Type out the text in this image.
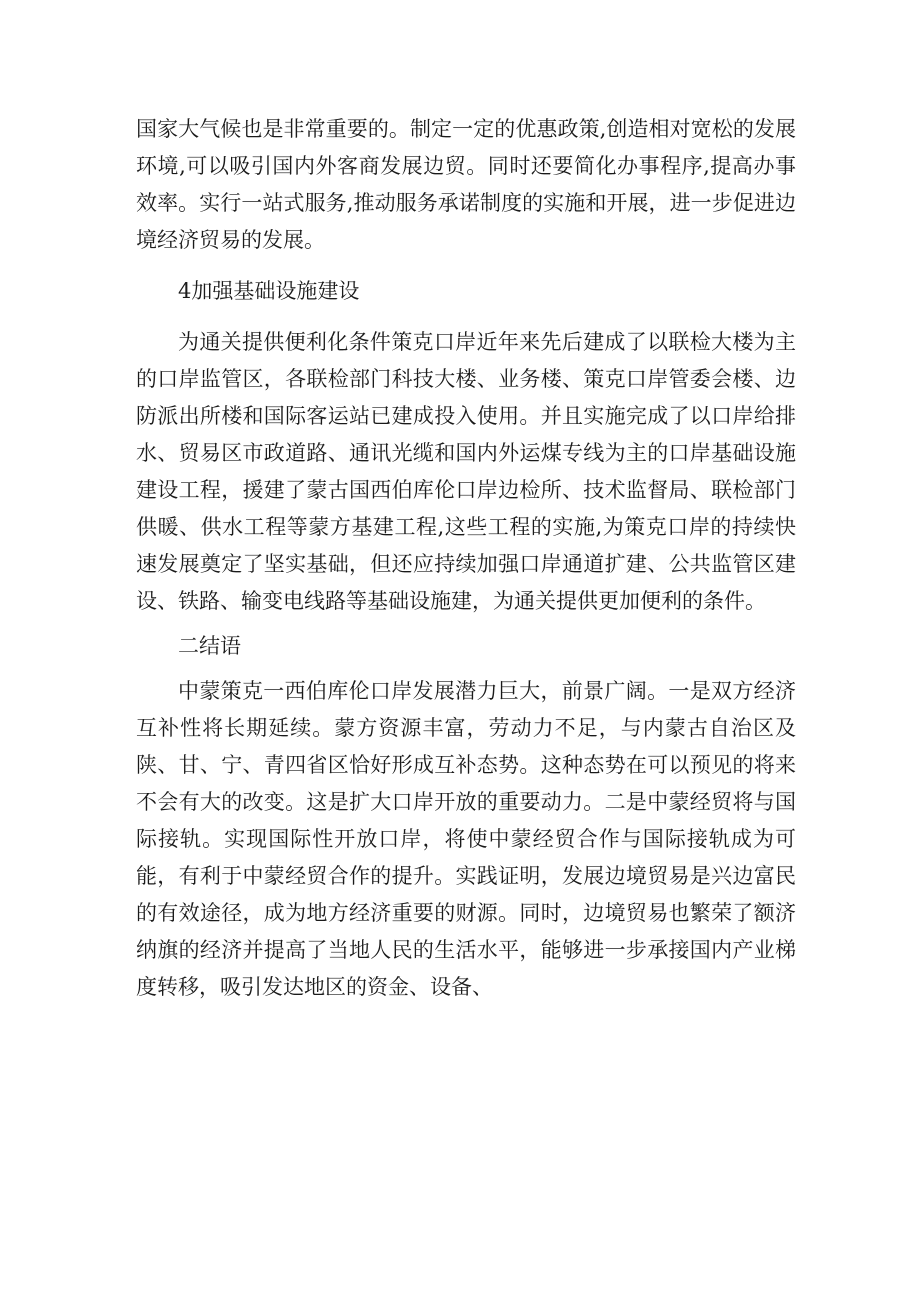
国家大气候也是非常重要的。制定一定的优惠政策,创造相对宽松的发展环境,可以吸引国内外客商发展边贸。同时还要简化办事程序,提高办事效率。实行一站式服务,推动服务承诺制度的实施和开展，进一步促进边境经济贸易的发展。

4加强基础设施建设

为通关提供便利化条件策克口岸近年来先后建成了以联检大楼为主的口岸监管区，各联检部门科技大楼、业务楼、策克口岸管委会楼、边防派出所楼和国际客运站已建成投入使用。并且实施完成了以口岸给排水、贸易区市政道路、通讯光缆和国内外运煤专线为主的口岸基础设施建设工程，援建了蒙古国西伯库伦口岸边检所、技术监督局、联检部门供暖、供水工程等蒙方基建工程,这些工程的实施,为策克口岸的持续快速发展奠定了坚实基础，但还应持续加强口岸通道扩建、公共监管区建设、铁路、输变电线路等基础设施建，为通关提供更加便利的条件。

二结语

中蒙策克一西伯库伦口岸发展潜力巨大，前景广阔。一是双方经济互补性将长期延续。蒙方资源丰富，劳动力不足，与内蒙古自治区及陕、甘、宁、青四省区恰好形成互补态势。这种态势在可以预见的将来不会有大的改变。这是扩大口岸开放的重要动力。二是中蒙经贸将与国际接轨。实现国际性开放口岸，将使中蒙经贸合作与国际接轨成为可能，有利于中蒙经贸合作的提升。实践证明，发展边境贸易是兴边富民的有效途径，成为地方经济重要的财源。同时，边境贸易也繁荣了额济纳旗的经济并提高了当地人民的生活水平，能够进一步承接国内产业梯度转移，吸引发达地区的资金、设备、
